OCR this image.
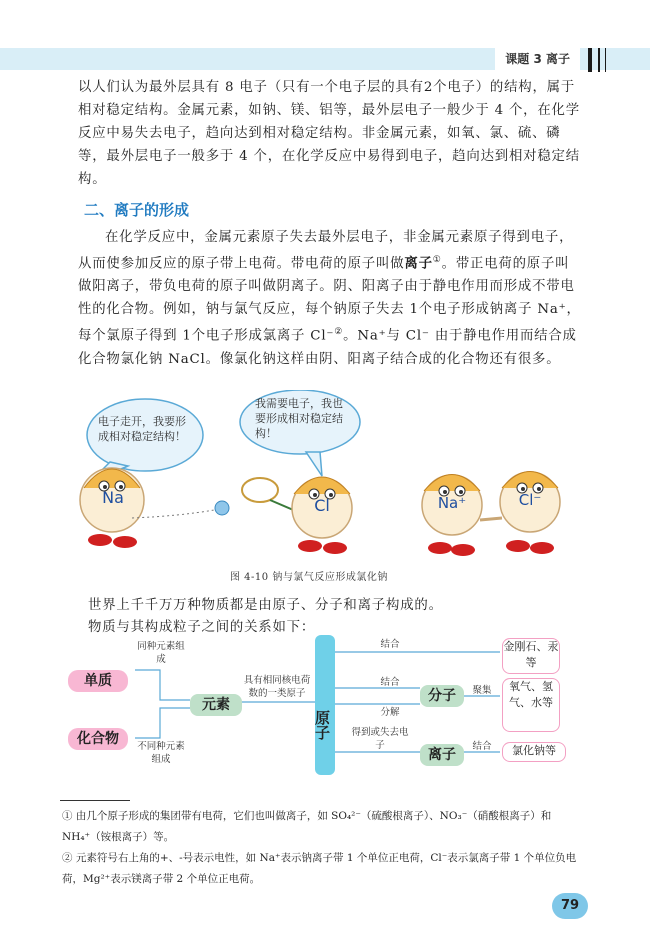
课题 3 离子

以人们认为最外层具有 8 电子（只有一个电子层的具有2个电子）的结构，属于相对稳定结构。金属元素，如钠、镁、铝等，最外层电子一般少于 4 个，在化学反应中易失去电子，趋向达到相对稳定结构。非金属元素，如氧、氯、硫、磷等，最外层电子一般多于 4 个，在化学反应中易得到电子，趋向达到相对稳定结构。

二、离子的形成

在化学反应中，金属元素原子失去最外层电子，非金属元素原子得到电子，从而使参加反应的原子带上电荷。带电荷的原子叫做离子①。带正电荷的原子叫做阳离子，带负电荷的原子叫做阴离子。阴、阳离子由于静电作用而形成不带电性的化合物。例如，钠与氯气反应，每个钠原子失去 1个电子形成钠离子 Na⁺，每个氯原子得到 1个电子形成氯离子 Cl⁻②。Na⁺与 Cl⁻ 由于静电作用而结合成化合物氯化钠 NaCl。像氯化钠这样由阴、阳离子结合成的化合物还有很多。

电子走开，我要形成相对稳定结构！
我需要电子，我也要形成相对稳定结构！
Na	Cl	Na⁺	Cl⁻
图 4-10 钠与氯气反应形成氯化钠
世界上千千万万种物质都是由原子、分子和离子构成的。
物质与其构成粒子之间的关系如下：
单质
化合物
元素
原子
分子
离子
金刚石、汞等
氧气、氢气、水等
氯化钠等
同种元素组成
不同种元素组成
具有相同核电荷数的一类原子
结合
结合
分解
聚集
得到或失去电子	结合

① 由几个原子形成的集团带有电荷，它们也叫做离子，如 SO₄²⁻（硫酸根离子）、NO₃⁻（硝酸根离子）和 NH₄⁺（铵根离子）等。

② 元素符号右上角的+、-号表示电性，如 Na⁺表示钠离子带 1 个单位正电荷，Cl⁻表示氯离子带 1 个单位负电荷，Mg²⁺表示镁离子带 2 个单位正电荷。

79
